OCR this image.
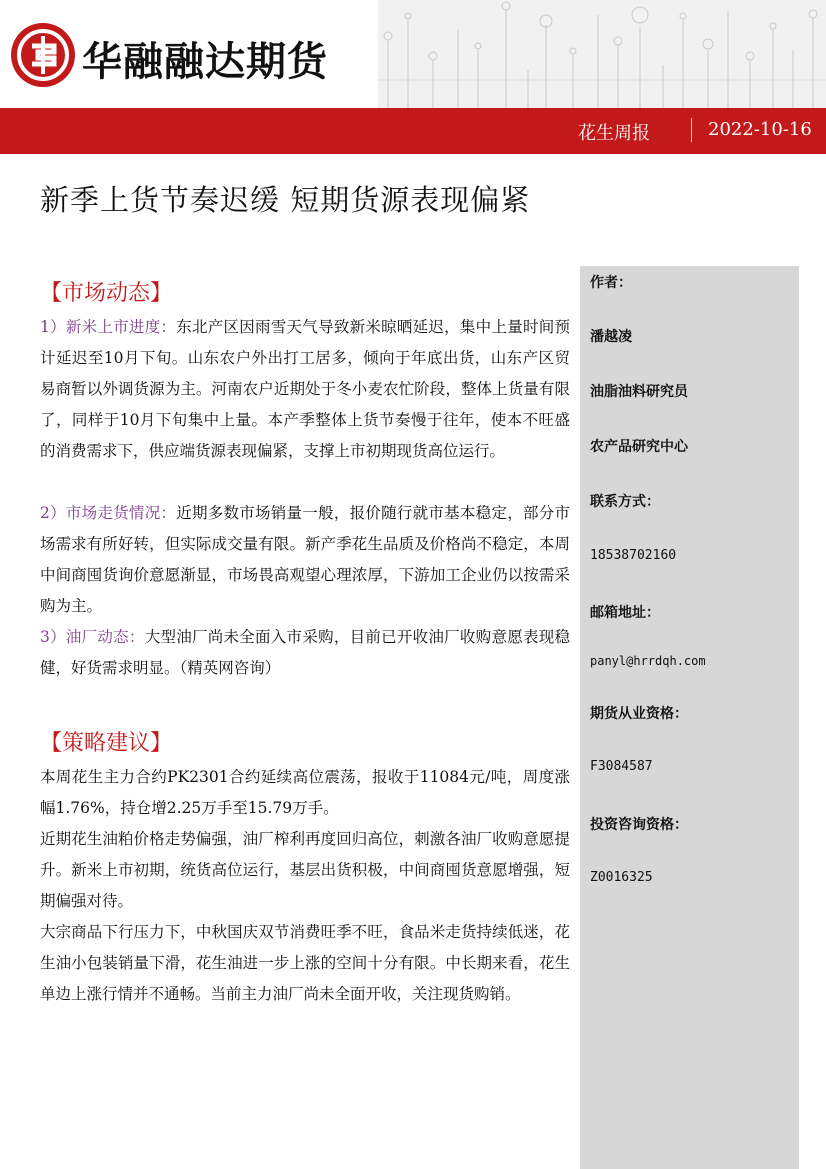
华融融达期货
花生周报	2022-10-16
新季上货节奏迟缓 短期货源表现偏紧
【市场动态】

1）新米上市进度：东北产区因雨雪天气导致新米晾晒延迟，集中上量时间预计延迟至10月下旬。山东农户外出打工居多，倾向于年底出货，山东产区贸易商暂以外调货源为主。河南农户近期处于冬小麦农忙阶段，整体上货量有限了，同样于10月下旬集中上量。本产季整体上货节奏慢于往年，使本不旺盛的消费需求下，供应端货源表现偏紧，支撑上市初期现货高位运行。

2）市场走货情况：近期多数市场销量一般，报价随行就市基本稳定，部分市场需求有所好转，但实际成交量有限。新产季花生品质及价格尚不稳定，本周中间商囤货询价意愿渐显，市场畏高观望心理浓厚，下游加工企业仍以按需采购为主。

3）油厂动态：大型油厂尚未全面入市采购，目前已开收油厂收购意愿表现稳健，好货需求明显。（精英网咨询）

【策略建议】

本周花生主力合约PK2301合约延续高位震荡，报收于11084元/吨，周度涨幅1.76%，持仓增2.25万手至15.79万手。

近期花生油粕价格走势偏强，油厂榨利再度回归高位，刺激各油厂收购意愿提升。新米上市初期，统货高位运行，基层出货积极，中间商囤货意愿增强，短期偏强对待。

大宗商品下行压力下，中秋国庆双节消费旺季不旺，食品米走货持续低迷，花生油小包装销量下滑，花生油进一步上涨的空间十分有限。中长期来看，花生单边上涨行情并不通畅。当前主力油厂尚未全面开收，关注现货购销。

作者：
潘越凌
油脂油料研究员
农产品研究中心
联系方式：
18538702160
邮箱地址：
panyl@hrrdqh.com
期货从业资格：
F3084587
投资咨询资格：
Z0016325
